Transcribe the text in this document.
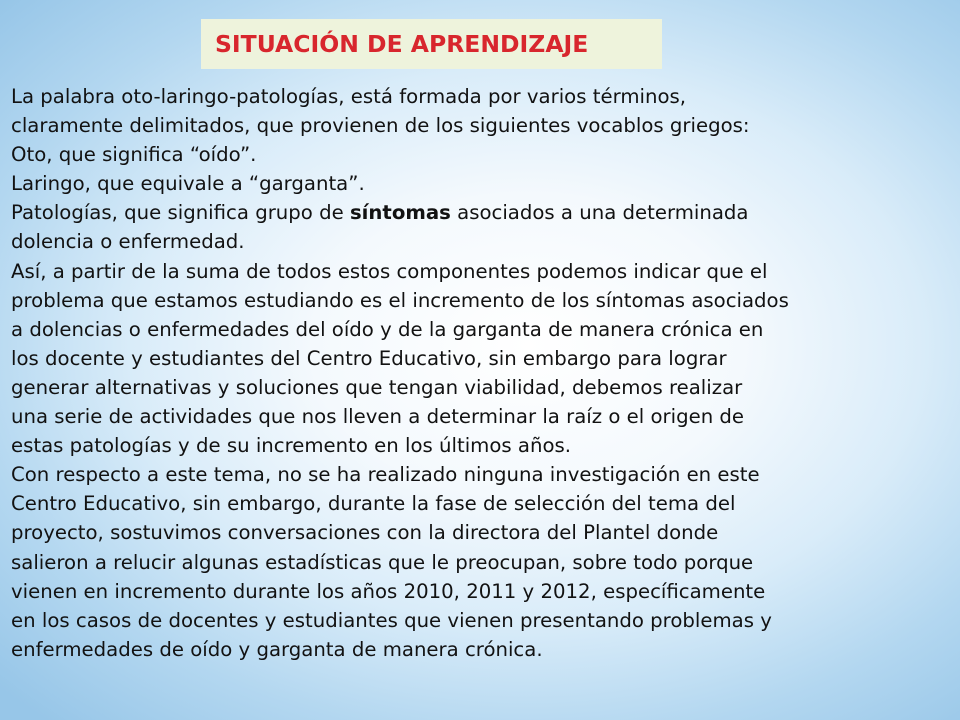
SITUACIÓN DE APRENDIZAJE
La palabra oto-laringo-patologías, está formada por varios términos,
claramente delimitados, que provienen de los siguientes vocablos griegos:
Oto, que significa “oído”.
Laringo, que equivale a “garganta”.
Patologías, que significa grupo de síntomas asociados a una determinada
dolencia o enfermedad.
Así, a partir de la suma de todos estos componentes podemos indicar que el
problema que estamos estudiando es el incremento de los síntomas asociados
a dolencias o enfermedades del oído y de la garganta de manera crónica en
los docente y estudiantes del Centro Educativo, sin embargo para lograr
generar alternativas y soluciones que tengan viabilidad, debemos realizar
una serie de actividades que nos lleven a determinar la raíz o el origen de
estas patologías y de su incremento en los últimos años.
Con respecto a este tema, no se ha realizado ninguna investigación en este
Centro Educativo, sin embargo, durante la fase de selección del tema del
proyecto, sostuvimos conversaciones con la directora del Plantel donde
salieron a relucir algunas estadísticas que le preocupan, sobre todo porque
vienen en incremento durante los años 2010, 2011 y 2012, específicamente
en los casos de docentes y estudiantes que vienen presentando problemas y
enfermedades de oído y garganta de manera crónica.
